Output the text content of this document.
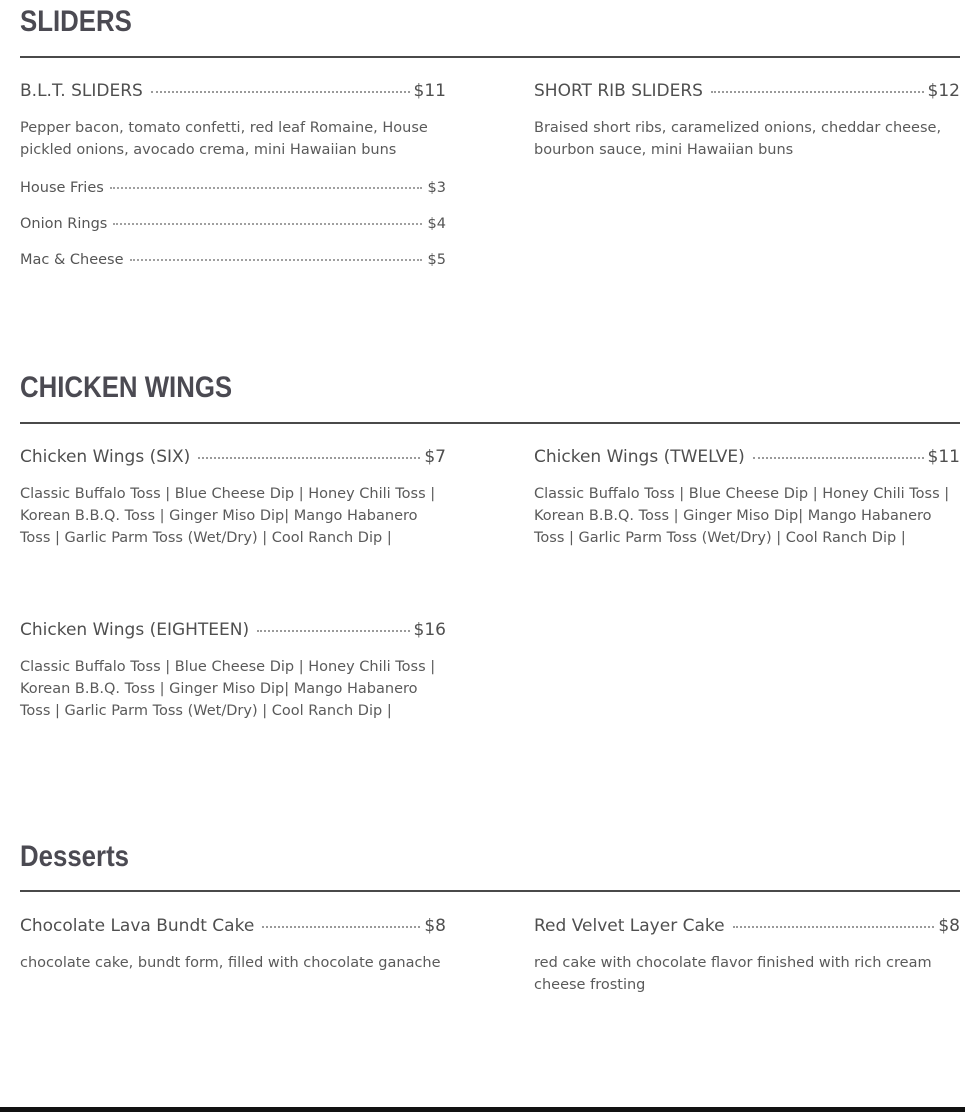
SLIDERS
B.L.T. SLIDERS	$11
Pepper bacon, tomato confetti, red leaf Romaine, House pickled onions, avocado crema, mini Hawaiian buns
SHORT RIB SLIDERS	$12
Braised short ribs, caramelized onions, cheddar cheese, bourbon sauce, mini Hawaiian buns
House Fries	$3
Onion Rings	$4
Mac & Cheese	$5
CHICKEN WINGS
Chicken Wings (SIX)	$7
Classic Buffalo Toss | Blue Cheese Dip | Honey Chili Toss | Korean B.B.Q. Toss | Ginger Miso Dip| Mango Habanero Toss | Garlic Parm Toss (Wet/Dry) | Cool Ranch Dip |
Chicken Wings (TWELVE)	$11
Classic Buffalo Toss | Blue Cheese Dip | Honey Chili Toss | Korean B.B.Q. Toss | Ginger Miso Dip| Mango Habanero Toss | Garlic Parm Toss (Wet/Dry) | Cool Ranch Dip |
Chicken Wings (EIGHTEEN)	$16
Classic Buffalo Toss | Blue Cheese Dip | Honey Chili Toss | Korean B.B.Q. Toss | Ginger Miso Dip| Mango Habanero Toss | Garlic Parm Toss (Wet/Dry) | Cool Ranch Dip |
Desserts
Chocolate Lava Bundt Cake	$8
chocolate cake, bundt form, filled with chocolate ganache
Red Velvet Layer Cake	$8
red cake with chocolate flavor finished with rich cream cheese frosting
